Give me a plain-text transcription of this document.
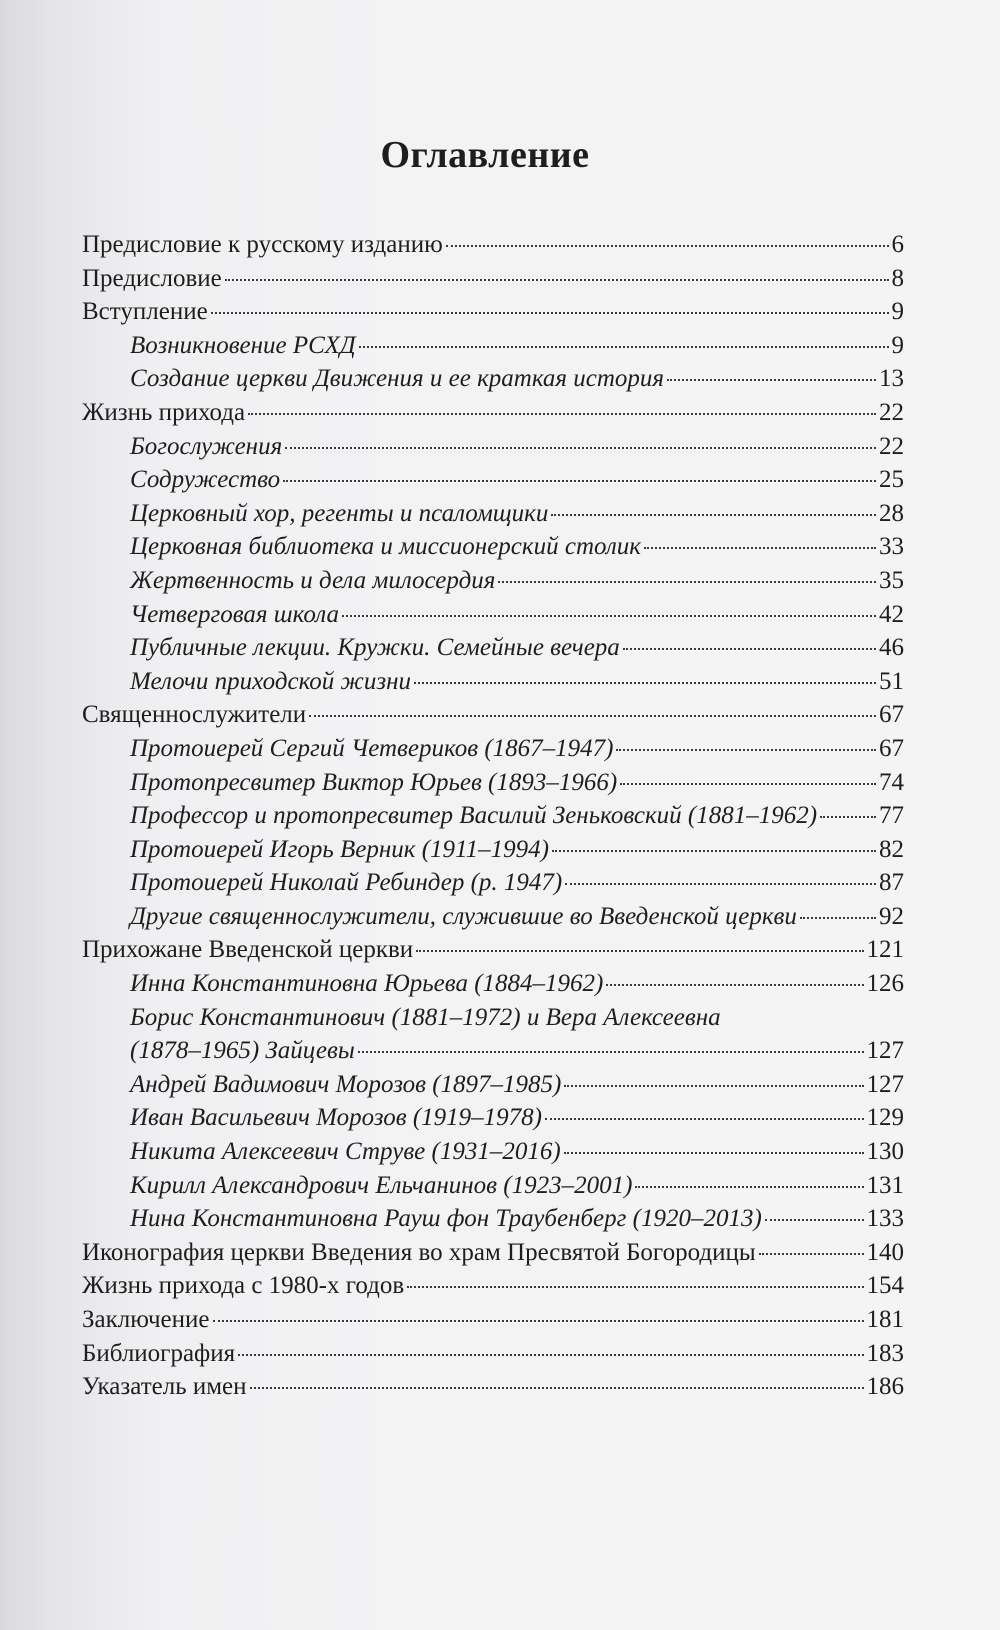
Оглавление
Предисловие к русскому изданию	6
Предисловие	8
Вступление	9
Возникновение РСХД	9
Создание церкви Движения и ее краткая история	13
Жизнь прихода	22
Богослужения	22
Содружество	25
Церковный хор, регенты и псаломщики	28
Церковная библиотека и миссионерский столик	33
Жертвенность и дела милосердия	35
Четверговая школа	42
Публичные лекции. Кружки. Семейные вечера	46
Мелочи приходской жизни	51
Священнослужители	67
Протоиерей Сергий Четвериков (1867–1947)	67
Протопресвитер Виктор Юрьев (1893–1966)	74
Профессор и протопресвитер Василий Зеньковский (1881–1962) 77
Протоиерей Игорь Верник (1911–1994)	82
Протоиерей Николай Ребиндер (р. 1947)	87
Другие священнослужители, служившие во Введенской церкви	92
Прихожане Введенской церкви	121
Инна Константиновна Юрьева (1884–1962)	126
Борис Константинович (1881–1972) и Вера Алексеевна
(1878–1965) Зайцевы	127
Андрей Вадимович Морозов (1897–1985)	127
Иван Васильевич Морозов (1919–1978)	129
Никита Алексеевич Струве (1931–2016)	130
Кирилл Александрович Ельчанинов (1923–2001)	131
Нина Константиновна Рауш фон Траубенберг (1920–2013)	133
Иконография церкви Введения во храм Пресвятой Богородицы	140
Жизнь прихода с 1980-х годов	154
Заключение	181
Библиография	183
Указатель имен	186
